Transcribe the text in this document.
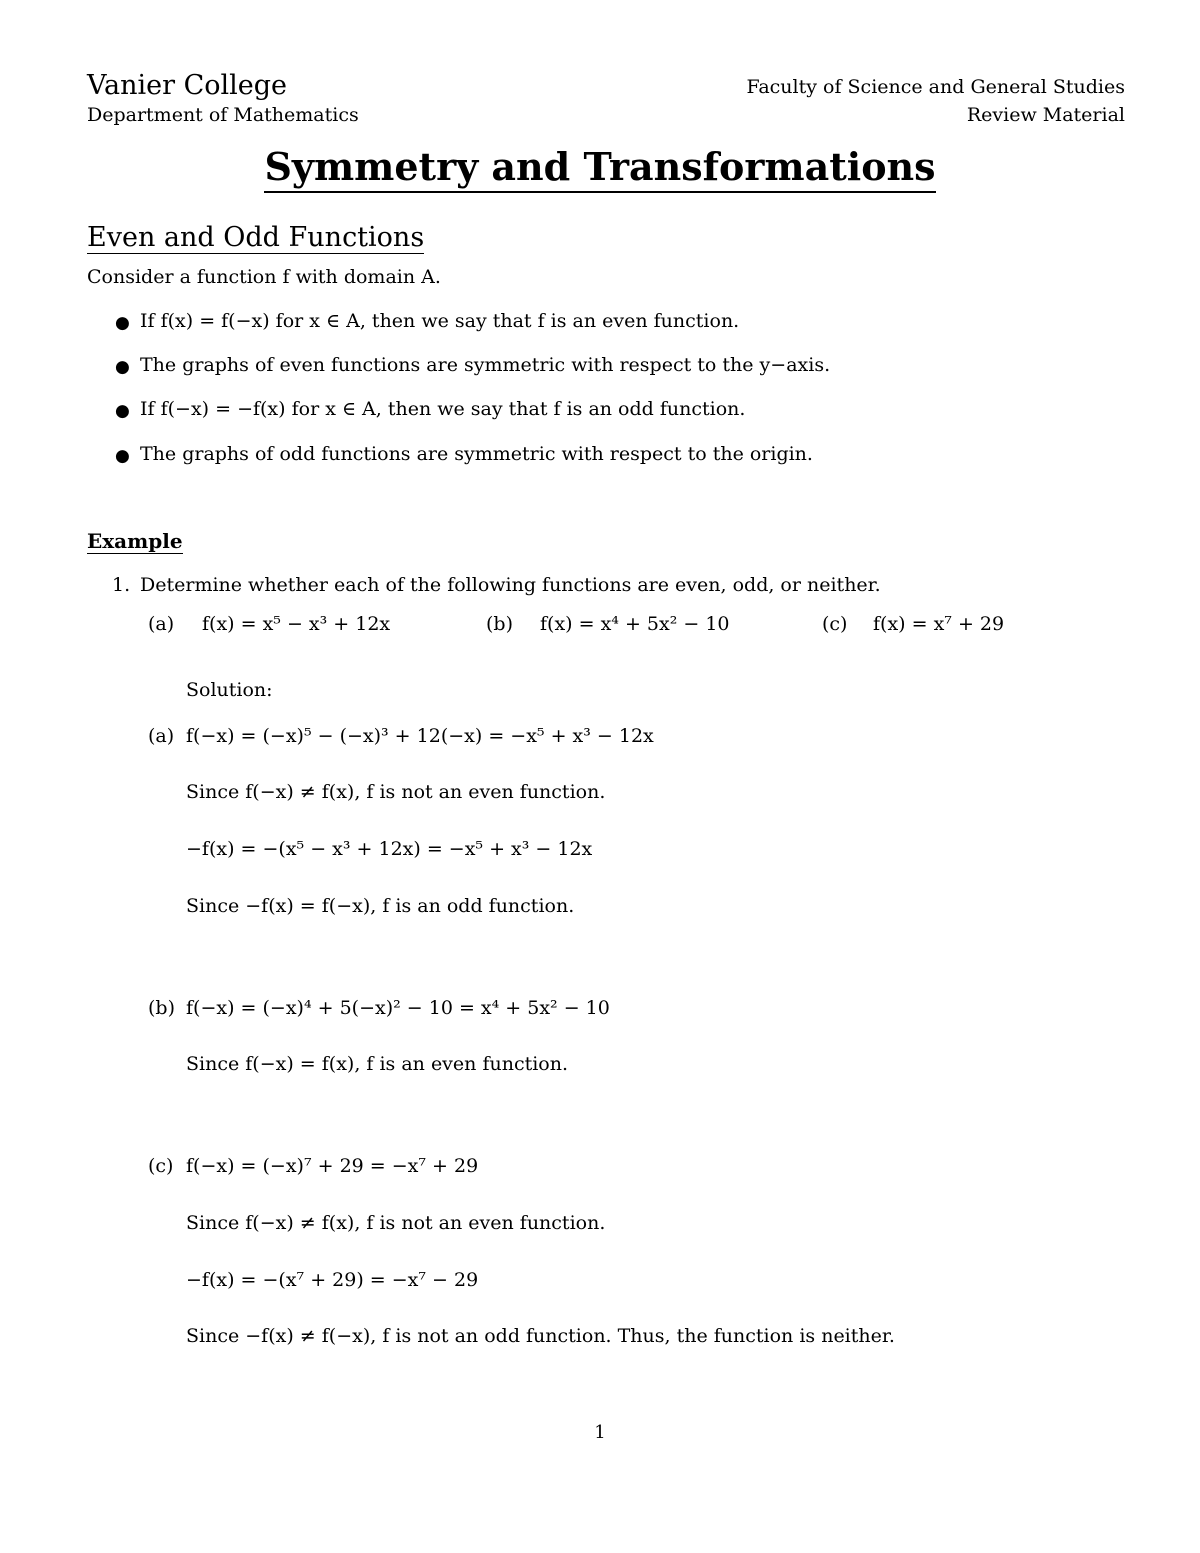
Vanier College
Department of Mathematics
Faculty of Science and General Studies
Review Material
Symmetry and Transformations
Even and Odd Functions
Consider a function f with domain A.
● If f(x) = f(−x) for x ∈ A, then we say that f is an even function.
● The graphs of even functions are symmetric with respect to the y−axis.
● If f(−x) = −f(x) for x ∈ A, then we say that f is an odd function.
● The graphs of odd functions are symmetric with respect to the origin.
Example
1. Determine whether each of the following functions are even, odd, or neither.
(a) f(x) = x⁵ − x³ + 12x	(b) f(x) = x⁴ + 5x² − 10	(c) f(x) = x⁷ + 29
Solution:
(a) f(−x) = (−x)⁵ − (−x)³ + 12(−x) = −x⁵ + x³ − 12x
Since f(−x) ≠ f(x), f is not an even function.
−f(x) = −(x⁵ − x³ + 12x) = −x⁵ + x³ − 12x
Since −f(x) = f(−x), f is an odd function.
(b) f(−x) = (−x)⁴ + 5(−x)² − 10 = x⁴ + 5x² − 10
Since f(−x) = f(x), f is an even function.
(c) f(−x) = (−x)⁷ + 29 = −x⁷ + 29
Since f(−x) ≠ f(x), f is not an even function.
−f(x) = −(x⁷ + 29) = −x⁷ − 29
Since −f(x) ≠ f(−x), f is not an odd function. Thus, the function is neither.
1
